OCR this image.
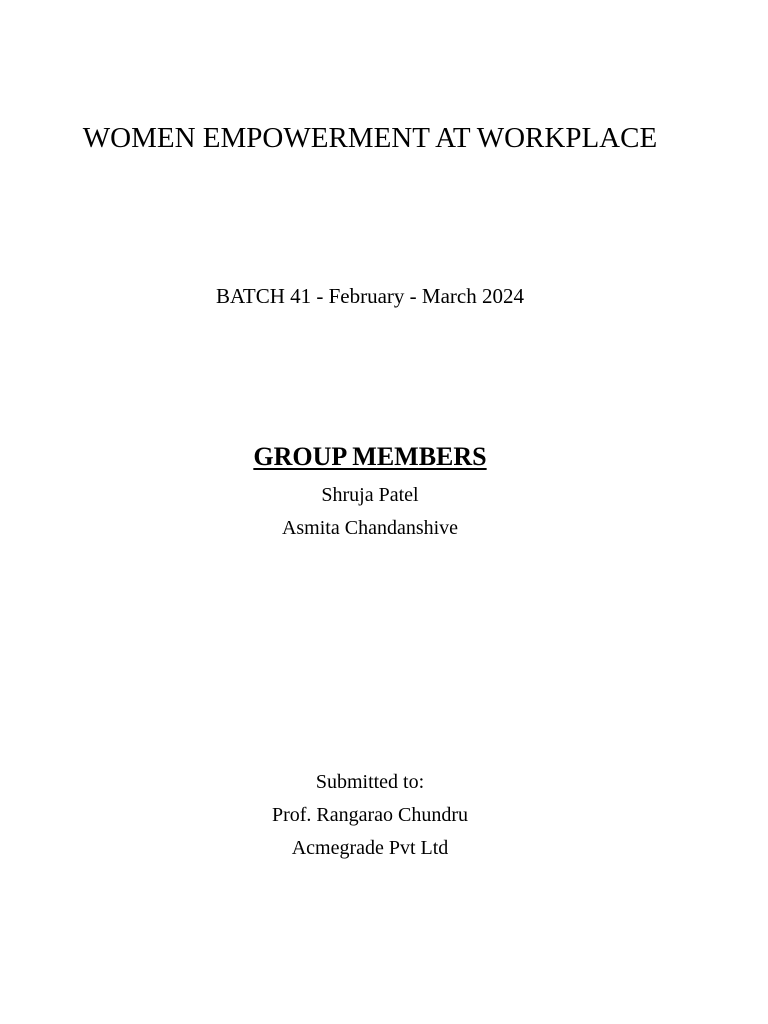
WOMEN EMPOWERMENT AT WORKPLACE
BATCH 41 - February - March 2024
GROUP MEMBERS
Shruja Patel
Asmita Chandanshive
Submitted to:
Prof. Rangarao Chundru
Acmegrade Pvt Ltd
